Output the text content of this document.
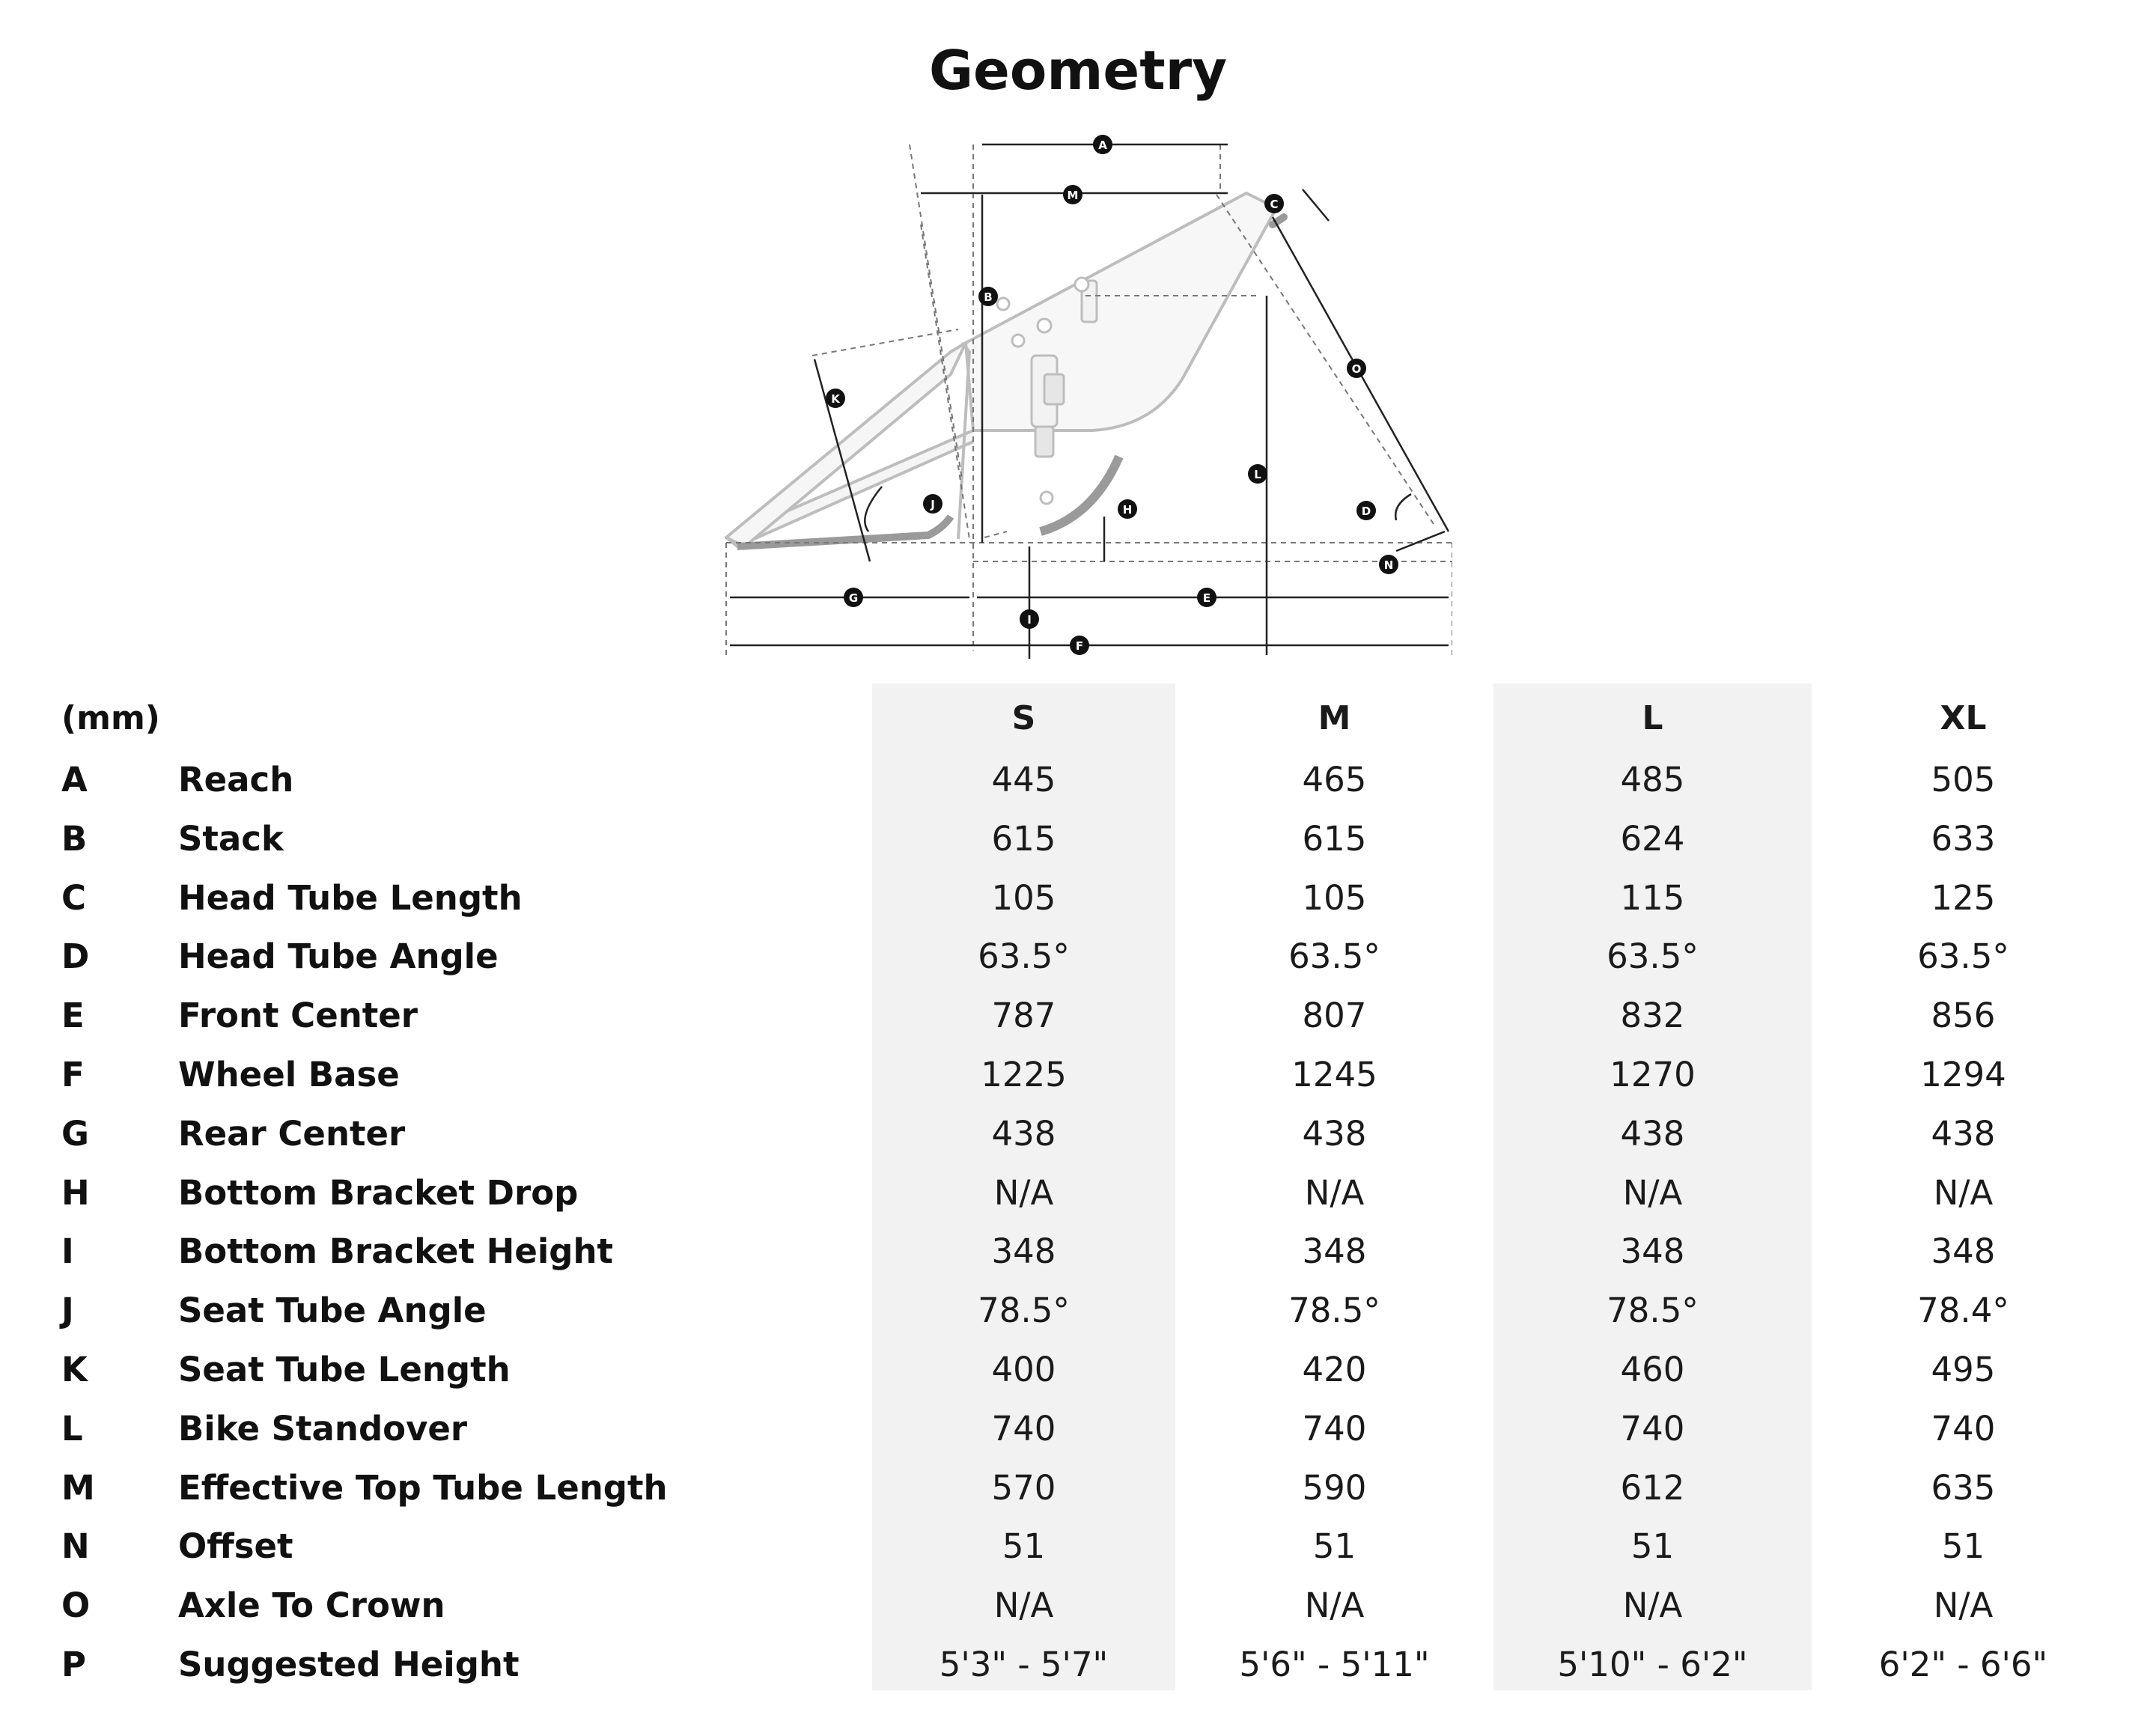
Geometry
A
M
C
B
O
K
L
J	H	D
N
G	E
I
F
(mm)	S	M	L	XL
A	Reach	445	465	485	505
B	Stack	615	615	624	633
C	Head Tube Length	105	105	115	125
D	Head Tube Angle	63.5°	63.5°	63.5°	63.5°
E	Front Center	787	807	832	856
F	Wheel Base	1225	1245	1270	1294
G	Rear Center	438	438	438	438
H	Bottom Bracket Drop	N/A	N/A	N/A	N/A
I	Bottom Bracket Height	348	348	348	348
J	Seat Tube Angle	78.5°	78.5°	78.5°	78.4°
K	Seat Tube Length	400	420	460	495
L	Bike Standover	740	740	740	740
M Effective Top Tube Length	570	590	612	635
N	Offset	51	51	51	51
O	Axle To Crown	N/A	N/A	N/A	N/A
P	Suggested Height	5'3" - 5'7"	5'6" - 5'11"	5'10" - 6'2"	6'2" - 6'6"
